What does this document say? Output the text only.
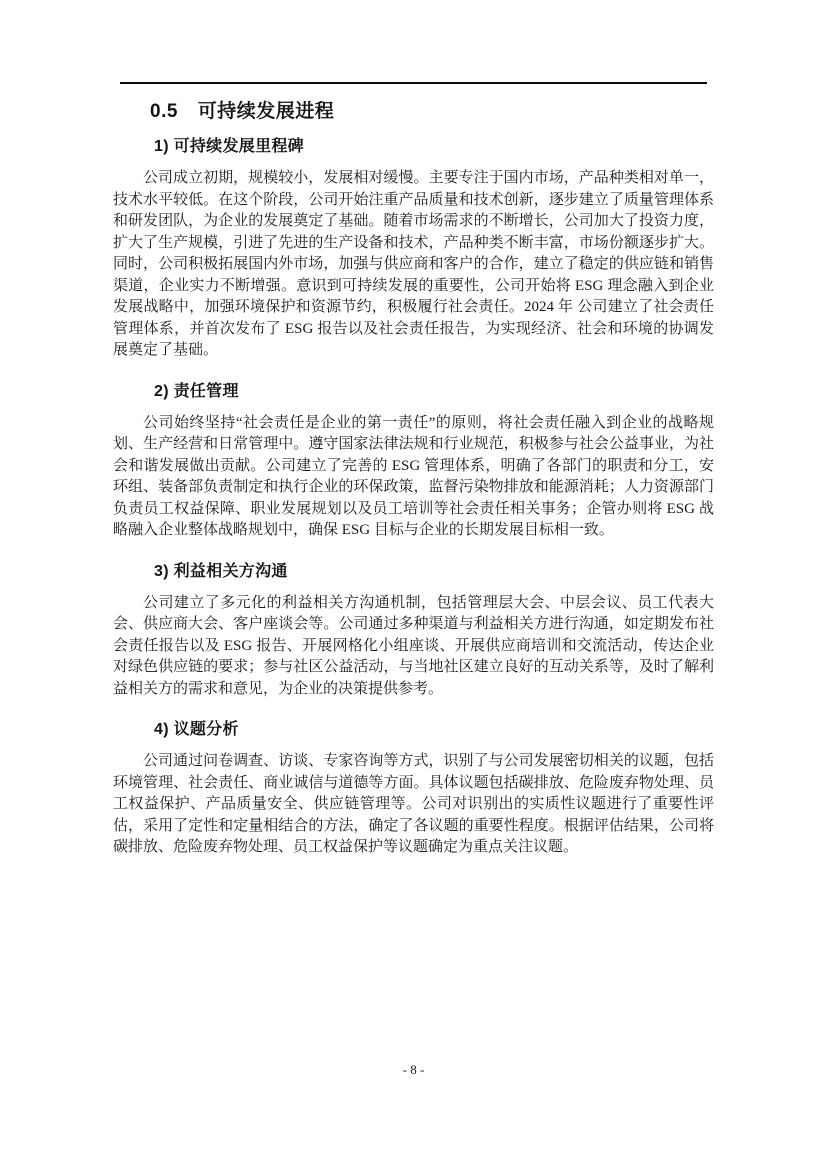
0.5 可持续发展进程
1) 可持续发展里程碑

公司成立初期，规模较小，发展相对缓慢。主要专注于国内市场，产品种类相对单一，技术水平较低。在这个阶段，公司开始注重产品质量和技术创新，逐步建立了质量管理体系和研发团队，为企业的发展奠定了基础。随着市场需求的不断增长，公司加大了投资力度，扩大了生产规模，引进了先进的生产设备和技术，产品种类不断丰富，市场份额逐步扩大。同时，公司积极拓展国内外市场，加强与供应商和客户的合作，建立了稳定的供应链和销售渠道，企业实力不断增强。意识到可持续发展的重要性，公司开始将 ESG 理念融入到企业发展战略中，加强环境保护和资源节约，积极履行社会责任。2024 年 公司建立了社会责任管理体系，并首次发布了 ESG 报告以及社会责任报告，为实现经济、社会和环境的协调发展奠定了基础。

2) 责任管理

公司始终坚持“社会责任是企业的第一责任”的原则，将社会责任融入到企业的战略规划、生产经营和日常管理中。遵守国家法律法规和行业规范，积极参与社会公益事业，为社会和谐发展做出贡献。公司建立了完善的 ESG 管理体系，明确了各部门的职责和分工，安环组、装备部负责制定和执行企业的环保政策，监督污染物排放和能源消耗；人力资源部门负责员工权益保障、职业发展规划以及员工培训等社会责任相关事务；企管办则将 ESG 战略融入企业整体战略规划中，确保 ESG 目标与企业的长期发展目标相一致。

3) 利益相关方沟通

公司建立了多元化的利益相关方沟通机制，包括管理层大会、中层会议、员工代表大会、供应商大会、客户座谈会等。公司通过多种渠道与利益相关方进行沟通，如定期发布社会责任报告以及 ESG 报告、开展网格化小组座谈、开展供应商培训和交流活动，传达企业对绿色供应链的要求；参与社区公益活动，与当地社区建立良好的互动关系等，及时了解利益相关方的需求和意见，为企业的决策提供参考。

4) 议题分析

公司通过问卷调查、访谈、专家咨询等方式，识别了与公司发展密切相关的议题，包括环境管理、社会责任、商业诚信与道德等方面。具体议题包括碳排放、危险废弃物处理、员工权益保护、产品质量安全、供应链管理等。公司对识别出的实质性议题进行了重要性评估，采用了定性和定量相结合的方法，确定了各议题的重要性程度。根据评估结果，公司将碳排放、危险废弃物处理、员工权益保护等议题确定为重点关注议题。

- 8 -
